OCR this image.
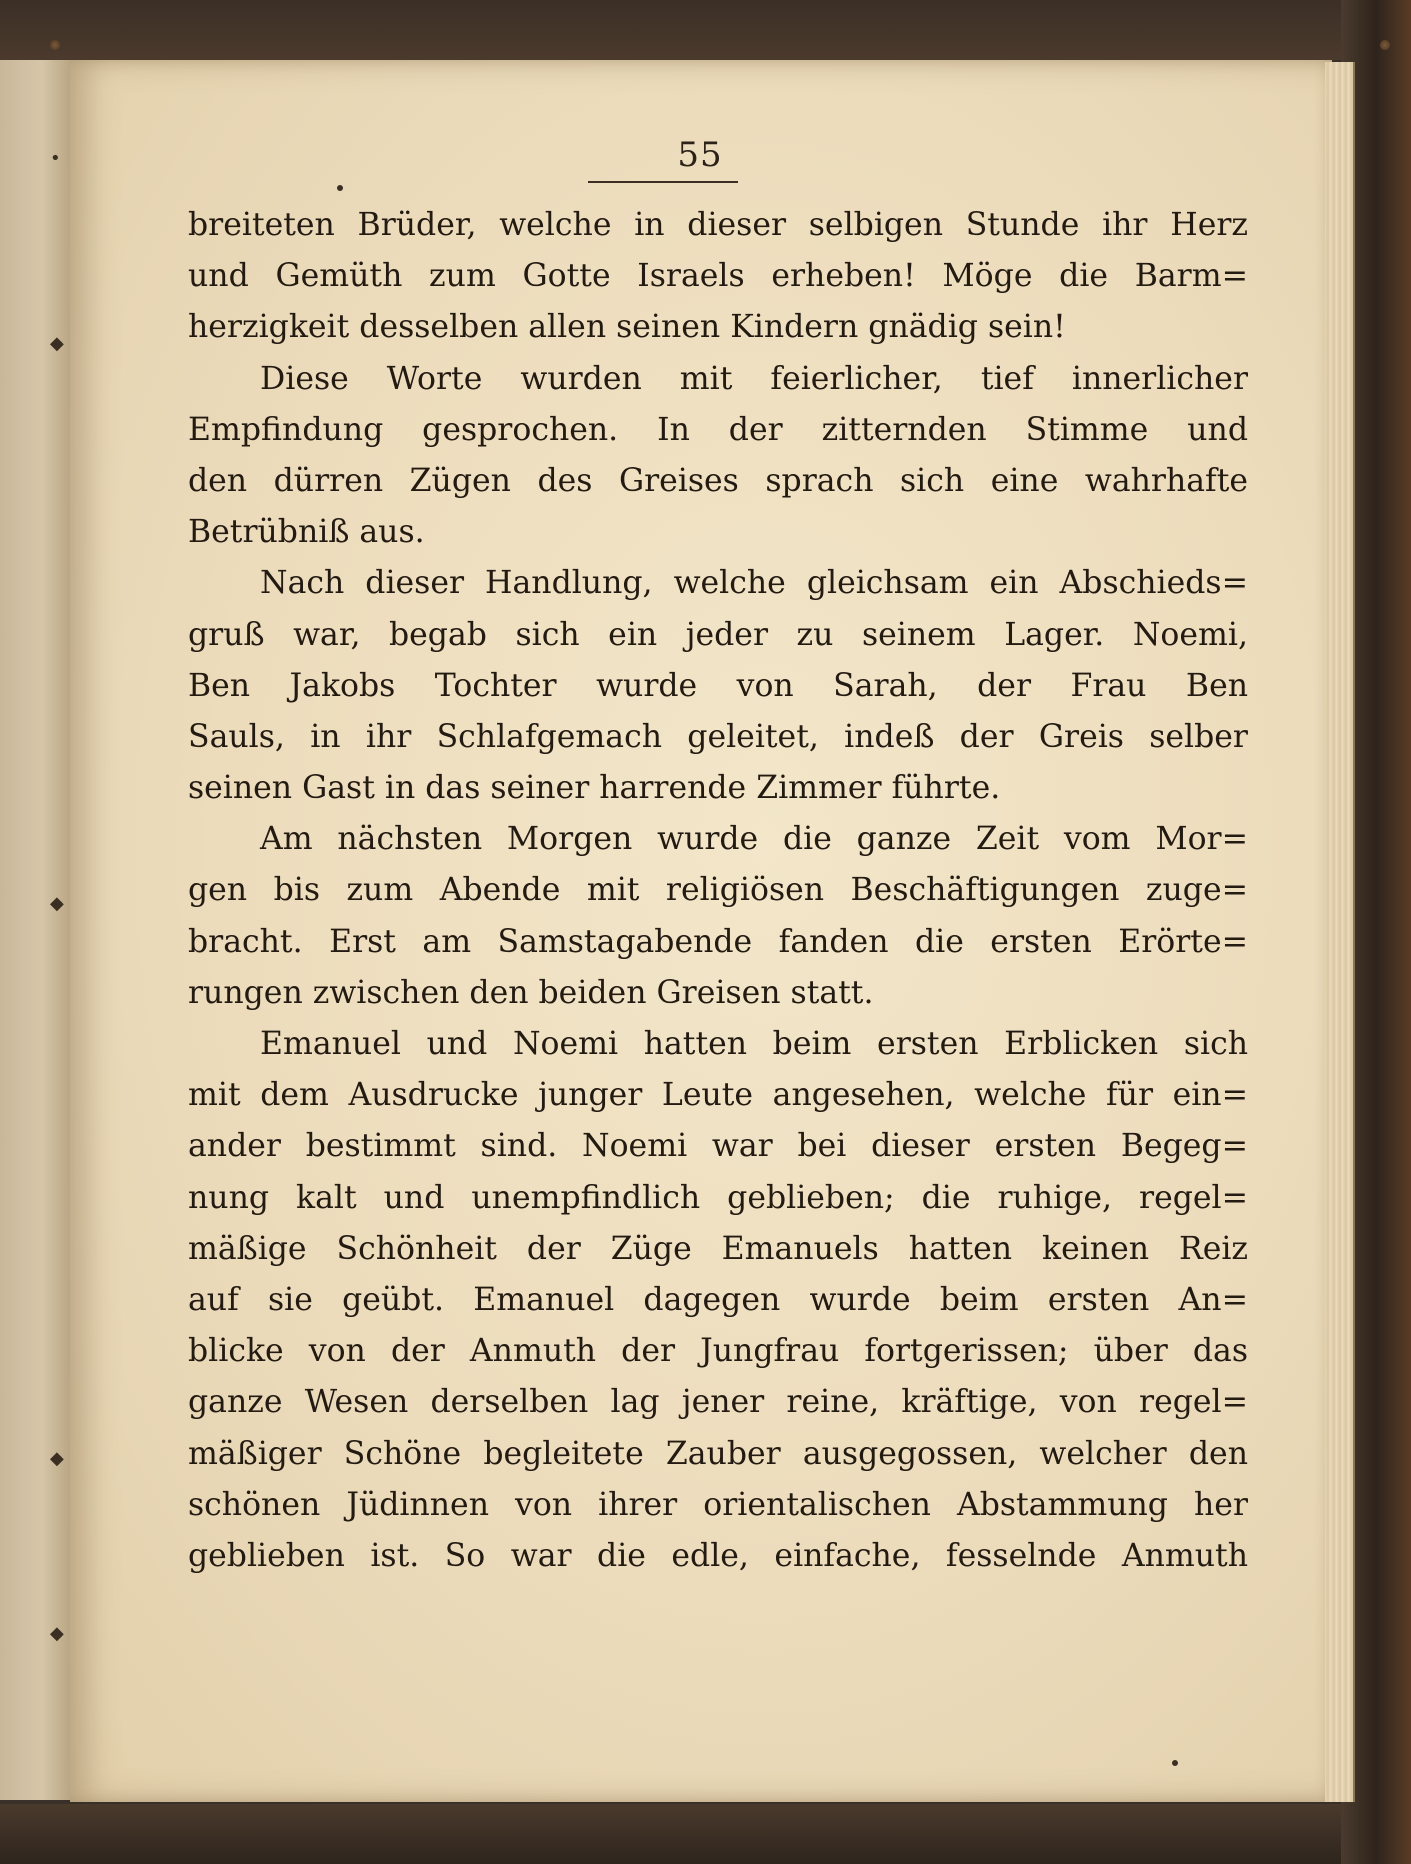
•
◆
◆
◆
◆
55
breiteten Brüder, welche in dieser selbigen Stunde ihr Herz
und Gemüth zum Gotte Israels erheben! Möge die Barm=
herzigkeit desselben allen seinen Kindern gnädig sein!
Diese Worte wurden mit feierlicher, tief innerlicher
Empfindung gesprochen. In der zitternden Stimme und
den dürren Zügen des Greises sprach sich eine wahrhafte
Betrübniß aus.
Nach dieser Handlung, welche gleichsam ein Abschieds=
gruß war, begab sich ein jeder zu seinem Lager. Noemi,
Ben Jakobs Tochter wurde von Sarah, der Frau Ben
Sauls, in ihr Schlafgemach geleitet, indeß der Greis selber
seinen Gast in das seiner harrende Zimmer führte.
Am nächsten Morgen wurde die ganze Zeit vom Mor=
gen bis zum Abende mit religiösen Beschäftigungen zuge=
bracht. Erst am Samstagabende fanden die ersten Erörte=
rungen zwischen den beiden Greisen statt.
Emanuel und Noemi hatten beim ersten Erblicken sich
mit dem Ausdrucke junger Leute angesehen, welche für ein=
ander bestimmt sind. Noemi war bei dieser ersten Begeg=
nung kalt und unempfindlich geblieben; die ruhige, regel=
mäßige Schönheit der Züge Emanuels hatten keinen Reiz
auf sie geübt. Emanuel dagegen wurde beim ersten An=
blicke von der Anmuth der Jungfrau fortgerissen; über das
ganze Wesen derselben lag jener reine, kräftige, von regel=
mäßiger Schöne begleitete Zauber ausgegossen, welcher den
schönen Jüdinnen von ihrer orientalischen Abstammung her
geblieben ist. So war die edle, einfache, fesselnde Anmuth
